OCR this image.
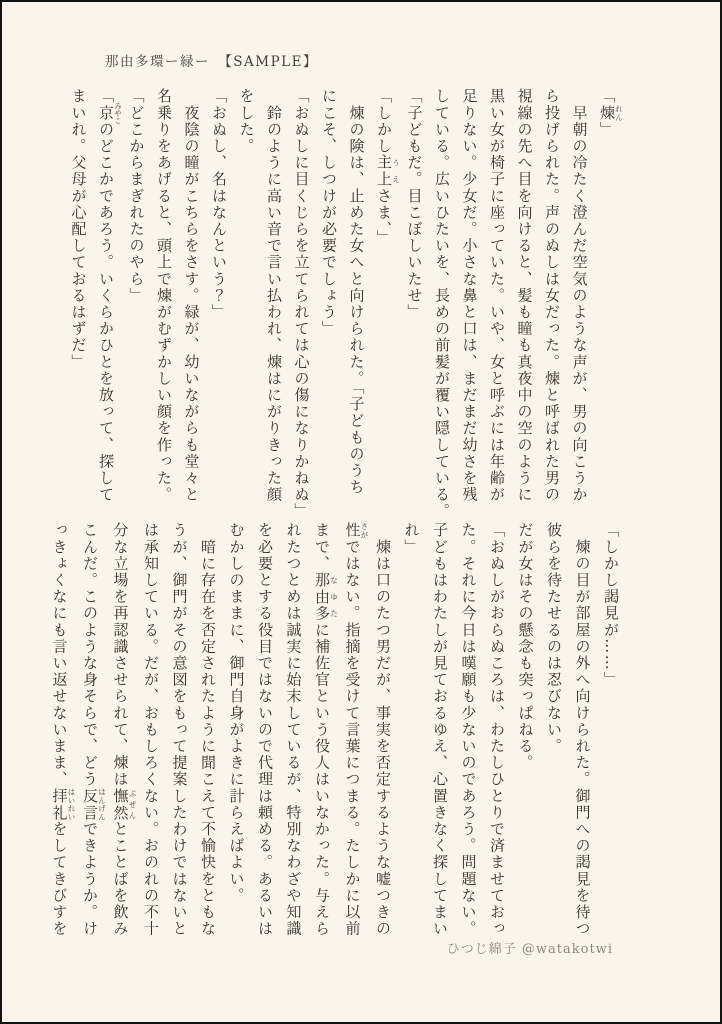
那由多環ー緑ー　【SAMPLE】

「煉れん」

　早朝の冷たく澄んだ空気のような声が、男の向こうか

ら投げられた。声のぬしは女だった。煉と呼ばれた男の

視線の先へ目を向けると、髪も瞳も真夜中の空のように

黒い女が椅子に座っていた。いや、女と呼ぶには年齢が

足りない。少女だ。小さな鼻と口は、まだまだ幼さを残

している。広いひたいを、長めの前髪が覆い隠している。

「子どもだ。目こぼしいたせ」

「しかし主上うえさま、」

　煉の険は、止めた女へと向けられた。「子どものうち

にこそ、しつけが必要でしょう」

「おぬしに目くじらを立てられては心の傷になりかねぬ」

　鈴のように高い音で言い払われ、煉はにがりきった顔

をした。

「おぬし、名はなんという？」

　夜陰の瞳がこちらをさす。緑が、幼いながらも堂々と

名乗りをあげると、頭上で煉がむずかしい顔を作った。

「どこからまぎれたのやら」

「京みやこのどこかであろう。いくらかひとを放って、探して

まいれ。父母が心配しておるはずだ」

「しかし謁見が……」

　煉の目が部屋の外へ向けられた。御門への謁見を待つ

彼らを待たせるのは忍びない。

だが女はその懸念も突っぱねる。

「おぬしがおらぬころは、わたしひとりで済ませておっ

た。それに今日は嘆願も少ないのであろう。問題ない。

子どもはわたしが見ておるゆえ、心置きなく探してまい

れ」

　煉は口のたつ男だが、事実を否定するような嘘つきの

性さがではない。指摘を受けて言葉につまる。たしかに以前

まで、那由多なゆたに補佐官という役人はいなかった。与えら

れたつとめは誠実に始末しているが、特別なわざや知識

を必要とする役目ではないので代理は頼める。あるいは

むかしのままに、御門自身がよきに計らえばよい。

　暗に存在を否定されたように聞こえて不愉快をともな

うが、御門がその意図をもって提案したわけではないと

は承知している。だが、おもしろくない。おのれの不十

分な立場を再認識させられて、煉は憮然ぶぜんとことばを飲み

こんだ。このような身そらで、どう反言はんげんできようか。け

っきょくなにも言い返せないまま、拝礼はいれいをしてきびすを

ひつじ綿子 @watakotwi
